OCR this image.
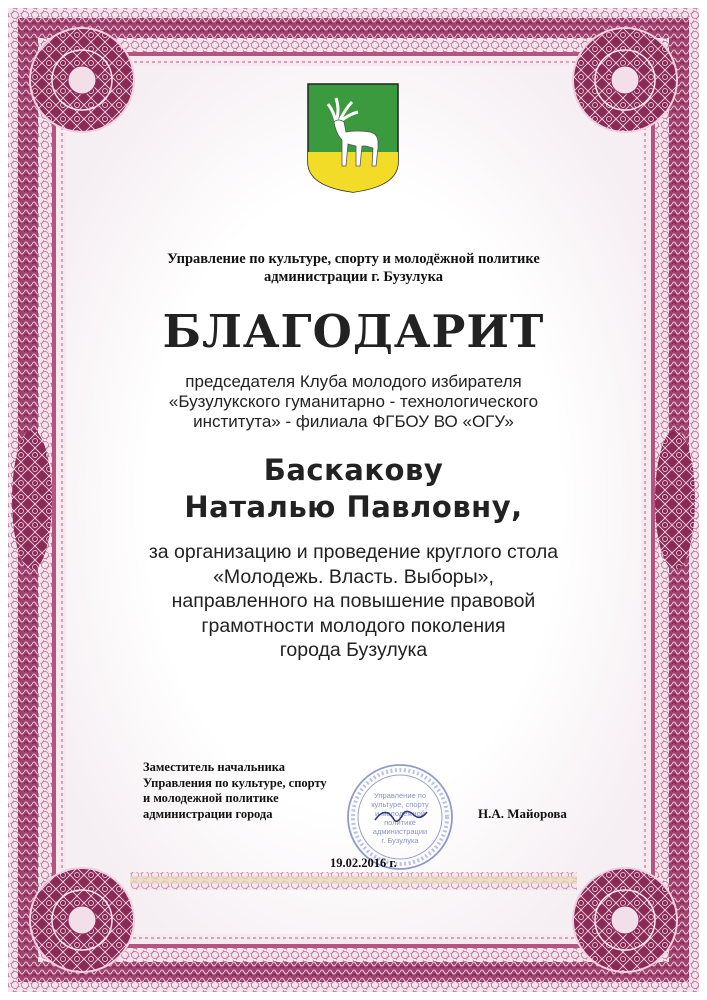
Управление по культуре, спорту и молодёжной политике
администрации г. Бузулука
БЛАГОДАРИТ
председателя Клуба молодого избирателя
«Бузулукского гуманитарно - технологического
института» - филиала ФГБОУ ВО «ОГУ»
Баскакову
Наталью Павловну,
за организацию и проведение круглого стола
«Молодежь. Власть. Выборы»,
направленного на повышение правовой
грамотности молодого поколения
города Бузулука
Заместитель начальника
Управления по культуре, спорту
и молодежной политике
администрации города
Управление по
культуре, спорту
и молодёжной
политике
администрации
г. Бузулука
Н.А. Майорова
19.02.2016 г.
